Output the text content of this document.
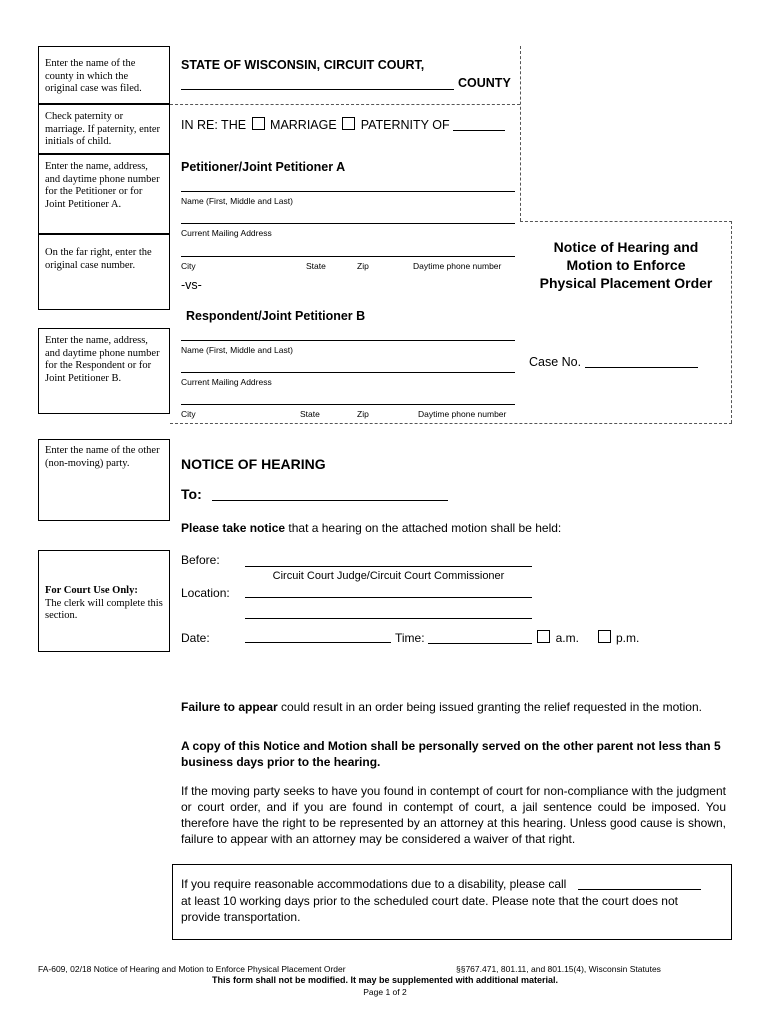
Enter the name of the county in which the original case was filed.
Check paternity or marriage. If paternity, enter initials of child.
Enter the name, address, and daytime phone number for the Petitioner or for Joint Petitioner A.
On the far right, enter the original case number.
Enter the name, address, and daytime phone number for the Respondent or for Joint Petitioner B.
Enter the name of the other (non-moving) party.
For Court Use Only:
The clerk will complete this section.
STATE OF WISCONSIN, CIRCUIT COURT,
COUNTY
IN RE: THE MARRIAGE PATERNITY OF
Petitioner/Joint Petitioner A
Name (First, Middle and Last)
Current Mailing Address
City	State	Zip	Daytime phone number
-vs-
Respondent/Joint Petitioner B
Name (First, Middle and Last)
Current Mailing Address
City	State	Zip	Daytime phone number
Notice of Hearing and
Motion to Enforce
Physical Placement Order
Case No.
NOTICE OF HEARING
To:
Please take notice that a hearing on the attached motion shall be held:
Before:
Circuit Court Judge/Circuit Court Commissioner
Location:
Date:	Time:	a.m.	p.m.
Failure to appear could result in an order being issued granting the relief requested in the motion.
A copy of this Notice and Motion shall be personally served on the other parent not less than 5 business days prior to the hearing.
If the moving party seeks to have you found in contempt of court for non-compliance with the judgment or court order, and if you are found in contempt of court, a jail sentence could be imposed. You therefore have the right to be represented by an attorney at this hearing. Unless good cause is shown, failure to appear with an attorney may be considered a waiver of that right.
If you require reasonable accommodations due to a disability, please call
at least 10 working days prior to the scheduled court date. Please note that the court does not provide transportation.
FA-609, 02/18 Notice of Hearing and Motion to Enforce Physical Placement Order	§§767.471, 801.11, and 801.15(4), Wisconsin Statutes
This form shall not be modified. It may be supplemented with additional material.
Page 1 of 2
